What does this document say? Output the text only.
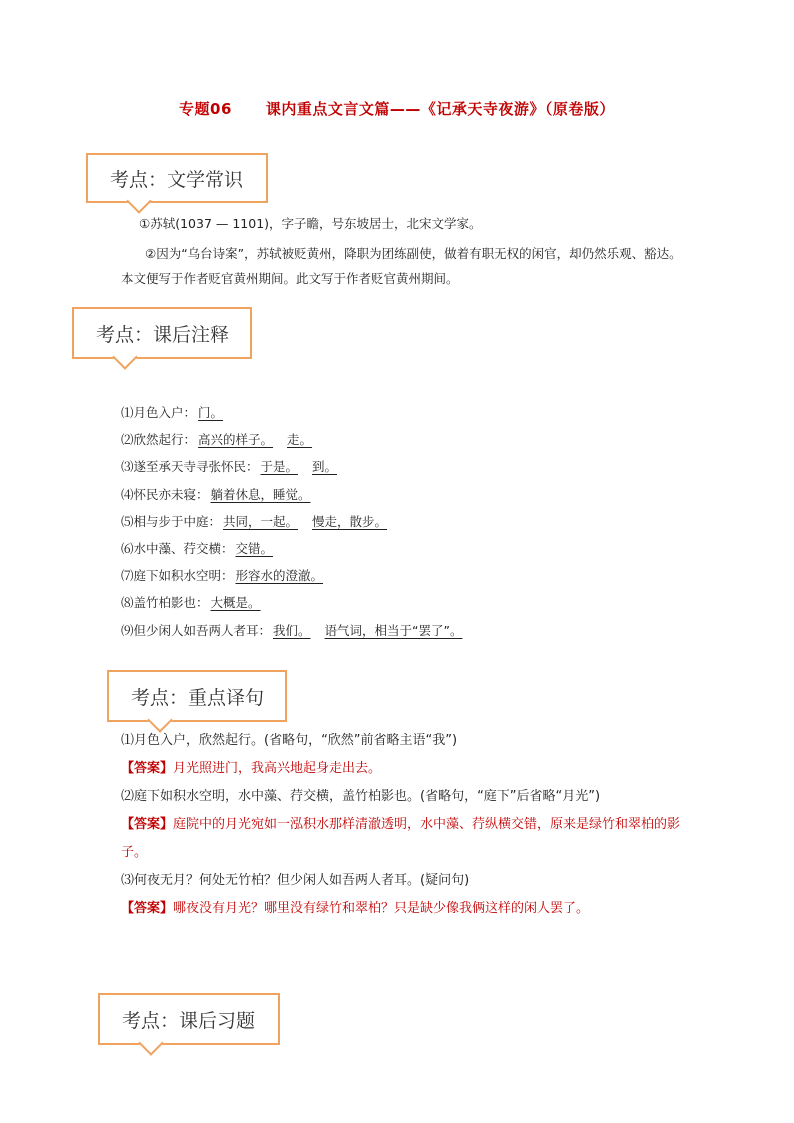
专题06 课内重点文言文篇——《记承天寺夜游》（原卷版）
考点：文学常识
①苏轼(1037 — 1101)，字子瞻，号东坡居士，北宋文学家。
②因为“乌台诗案”，苏轼被贬黄州，降职为团练副使，做着有职无权的闲官，却仍然乐观、豁达。本文便写于作者贬官黄州期间。此文写于作者贬官黄州期间。
考点：课后注释
⑴月色入户： 门。
⑵欣然起行： 高兴的样子。 走。
⑶遂至承天寺寻张怀民： 于是。 到。
⑷怀民亦未寝： 躺着休息，睡觉。
⑸相与步于中庭： 共同，一起。 慢走，散步。
⑹水中藻、荇交横： 交错。
⑺庭下如积水空明： 形容水的澄澈。
⑻盖竹柏影也： 大概是。
⑼但少闲人如吾两人者耳： 我们。 语气词，相当于“罢了”。
考点：重点译句
⑴月色入户，欣然起行。(省略句，“欣然”前省略主语“我”)
【答案】月光照进门，我高兴地起身走出去。
⑵庭下如积水空明，水中藻、荇交横，盖竹柏影也。(省略句，“庭下”后省略“月光”)
【答案】庭院中的月光宛如一泓积水那样清澈透明，水中藻、荇纵横交错，原来是绿竹和翠柏的影子。
⑶何夜无月？何处无竹柏？但少闲人如吾两人者耳。(疑问句)
【答案】哪夜没有月光？哪里没有绿竹和翠柏？只是缺少像我俩这样的闲人罢了。
考点：课后习题
